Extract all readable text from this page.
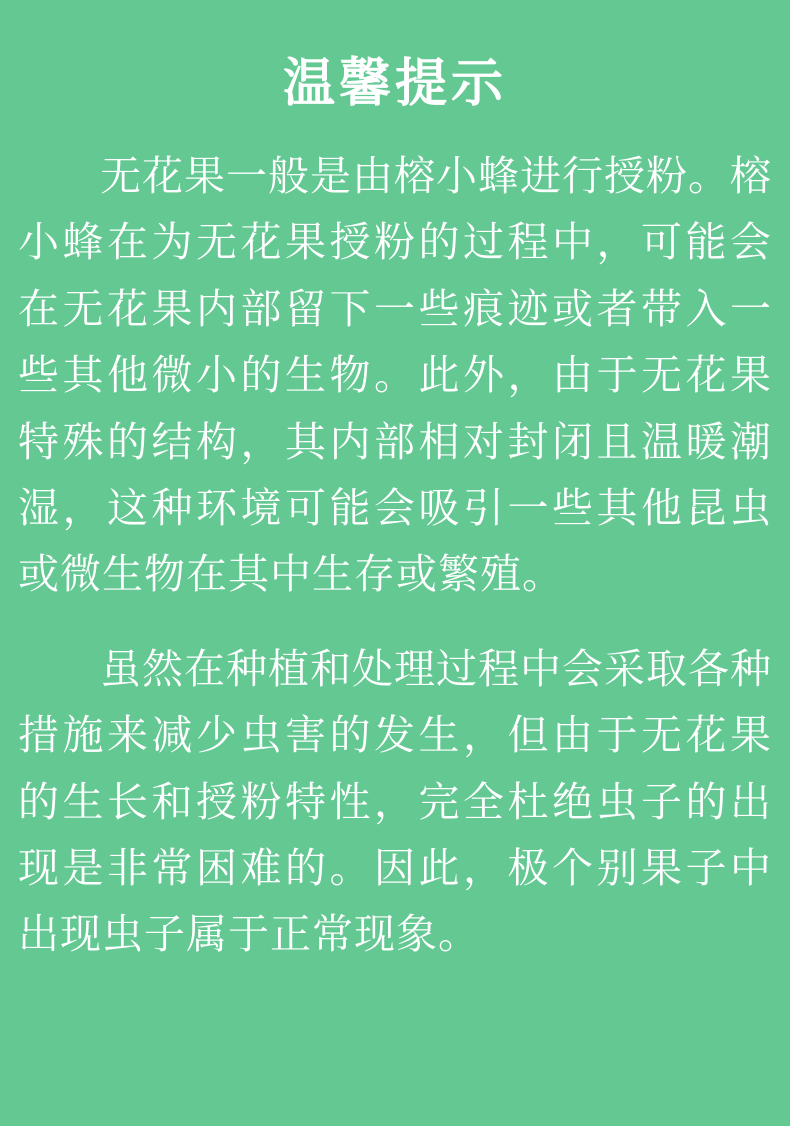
温馨提示

无花果一般是由榕小蜂进行授粉。榕小蜂在为无花果授粉的过程中，可能会在无花果内部留下一些痕迹或者带入一些其他微小的生物。此外，由于无花果特殊的结构，其内部相对封闭且温暖潮湿，这种环境可能会吸引一些其他昆虫或微生物在其中生存或繁殖。

虽然在种植和处理过程中会采取各种措施来减少虫害的发生，但由于无花果的生长和授粉特性，完全杜绝虫子的出现是非常困难的。因此，极个别果子中出现虫子属于正常现象。
